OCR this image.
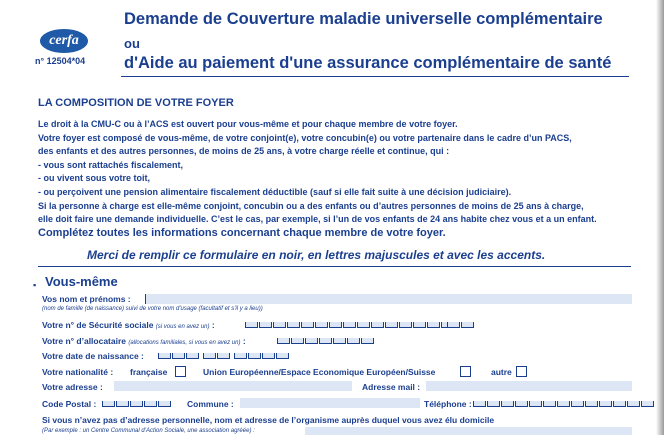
cerfa
n° 12504*04
Demande de Couverture maladie universelle complémentaire
ou
d'Aide au paiement d'une assurance complémentaire de santé
LA COMPOSITION DE VOTRE FOYER
Le droit à la CMU-C ou à l’ACS est ouvert pour vous-même et pour chaque membre de votre foyer.
Votre foyer est composé de vous-même, de votre conjoint(e), votre concubin(e) ou votre partenaire dans le cadre d’un PACS,
des enfants et des autres personnes, de moins de 25 ans, à votre charge réelle et continue, qui :
- vous sont rattachés fiscalement,
- ou vivent sous votre toit,
- ou perçoivent une pension alimentaire fiscalement déductible (sauf si elle fait suite à une décision judiciaire).
Si la personne à charge est elle-même conjoint, concubin ou a des enfants ou d’autres personnes de moins de 25 ans à charge,
elle doit faire une demande individuelle. C’est le cas, par exemple, si l’un de vos enfants de 24 ans habite chez vous et a un enfant.
Complétez toutes les informations concernant chaque membre de votre foyer.
Merci de remplir ce formulaire en noir, en lettres majuscules et avec les accents.
▪ Vous-même
Vos nom et prénoms :
(nom de famille (de naissance) suivi de votre nom d'usage (facultatif et s'il y a lieu))
Votre n° de Sécurité sociale (si vous en avez un) :
Votre n° d’allocataire (allocations familiales, si vous en avez un) :
Votre date de naissance :
Votre nationalité : française	Union Européenne/Espace Economique Européen/Suisse	autre
Votre adresse :	Adresse mail :
Code Postal :	Commune :	Téléphone :
Si vous n’avez pas d’adresse personnelle, nom et adresse de l’organisme auprès duquel vous avez élu domicile
(Par exemple : un Centre Communal d’Action Sociale, une association agréée) :
